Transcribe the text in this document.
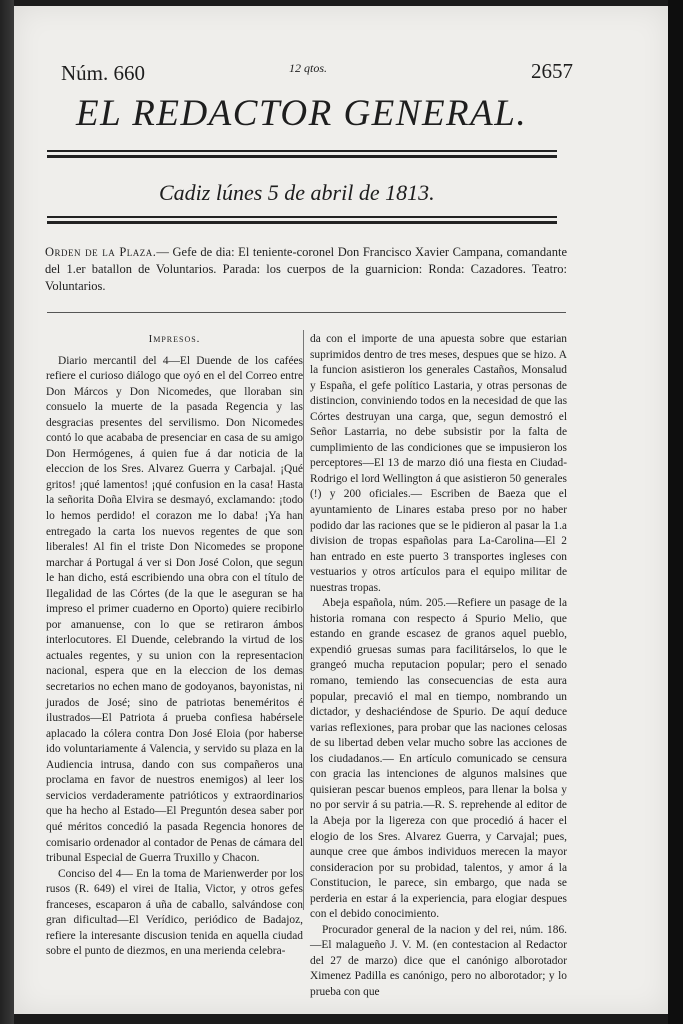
Núm. 660	12 qtos.	2657
EL REDACTOR GENERAL.
Cadiz lúnes 5 de abril de 1813.
Orden de la Plaza.— Gefe de dia: El teniente-coronel Don Francisco Xavier Campana, comandante del 1.er batallon de Voluntarios. Parada: los cuerpos de la guarnicion: Ronda: Cazadores. Teatro: Voluntarios.

Impresos.

Diario mercantil del 4—El Duende de los cafées refiere el curioso diálogo que oyó en el del Correo entre Don Márcos y Don Nicomedes, que lloraban sin consuelo la muerte de la pasada Regencia y las desgracias presentes del servilismo. Don Nicomedes contó lo que acababa de presenciar en casa de su amigo Don Hermógenes, á quien fue á dar noticia de la eleccion de los Sres. Alvarez Guerra y Carbajal. ¡Qué gritos! ¡qué lamentos! ¡qué confusion en la casa! Hasta la señorita Doña Elvira se desmayó, exclamando: ¡todo lo hemos perdido! el corazon me lo daba! ¡Ya han entregado la carta los nuevos regentes de que son liberales! Al fin el triste Don Nicomedes se propone marchar á Portugal á ver si Don José Colon, que segun le han dicho, está escribiendo una obra con el título de Ilegalidad de las Córtes (de la que le aseguran se ha impreso el primer cuaderno en Oporto) quiere recibirlo por amanuense, con lo que se retiraron ámbos interlocutores. El Duende, celebrando la virtud de los actuales regentes, y su union con la representacion nacional, espera que en la eleccion de los demas secretarios no echen mano de godoyanos, bayonistas, ni jurados de José; sino de patriotas beneméritos é ilustrados—El Patriota á prueba confiesa habérsele aplacado la cólera contra Don José Eloia (por haberse ido voluntariamente á Valencia, y servido su plaza en la Audiencia intrusa, dando con sus compañeros una proclama en favor de nuestros enemigos) al leer los servicios verdaderamente patrióticos y extraordinarios que ha hecho al Estado—El Preguntón desea saber por qué méritos concedió la pasada Regencia honores de comisario ordenador al contador de Penas de cámara del tribunal Especial de Guerra Truxillo y Chacon.

Conciso del 4— En la toma de Marienwerder por los rusos (R. 649) el virei de Italia, Victor, y otros gefes franceses, escaparon á uña de caballo, salvándose con gran dificultad—El Verídico, periódico de Badajoz, refiere la interesante discusion tenida en aquella ciudad sobre el punto de diezmos, en una merienda celebra-

da con el importe de una apuesta sobre que estarian suprimidos dentro de tres meses, despues que se hizo. A la funcion asistieron los generales Castaños, Monsalud y España, el gefe político Lastaria, y otras personas de distincion, conviniendo todos en la necesidad de que las Córtes destruyan una carga, que, segun demostró el Señor Lastarria, no debe subsistir por la falta de cumplimiento de las condiciones que se impusieron los perceptores—El 13 de marzo dió una fiesta en Ciudad-Rodrigo el lord Wellington á que asistieron 50 generales (!) y 200 oficiales.— Escriben de Baeza que el ayuntamiento de Linares estaba preso por no haber podido dar las raciones que se le pidieron al pasar la 1.a division de tropas españolas para La-Carolina—El 2 han entrado en este puerto 3 transportes ingleses con vestuarios y otros artículos para el equipo militar de nuestras tropas.

Abeja española, núm. 205.—Refiere un pasage de la historia romana con respecto á Spurio Melio, que estando en grande escasez de granos aquel pueblo, expendió gruesas sumas para facilitárselos, lo que le grangeó mucha reputacion popular; pero el senado romano, temiendo las consecuencias de esta aura popular, precavió el mal en tiempo, nombrando un dictador, y deshaciéndose de Spurio. De aquí deduce varias reflexiones, para probar que las naciones celosas de su libertad deben velar mucho sobre las acciones de los ciudadanos.— En artículo comunicado se censura con gracia las intenciones de algunos malsines que quisieran pescar buenos empleos, para llenar la bolsa y no por servir á su patria.—R. S. reprehende al editor de la Abeja por la ligereza con que procedió á hacer el elogio de los Sres. Alvarez Guerra, y Carvajal; pues, aunque cree que ámbos individuos merecen la mayor consideracion por su probidad, talentos, y amor á la Constitucion, le parece, sin embargo, que nada se perderia en estar á la experiencia, para elogiar despues con el debido conocimiento.

Procurador general de la nacion y del rei, núm. 186.—El malagueño J. V. M. (en contestacion al Redactor del 27 de marzo) dice que el canónigo alborotador Ximenez Padilla es canónigo, pero no alborotador; y lo prueba con que
